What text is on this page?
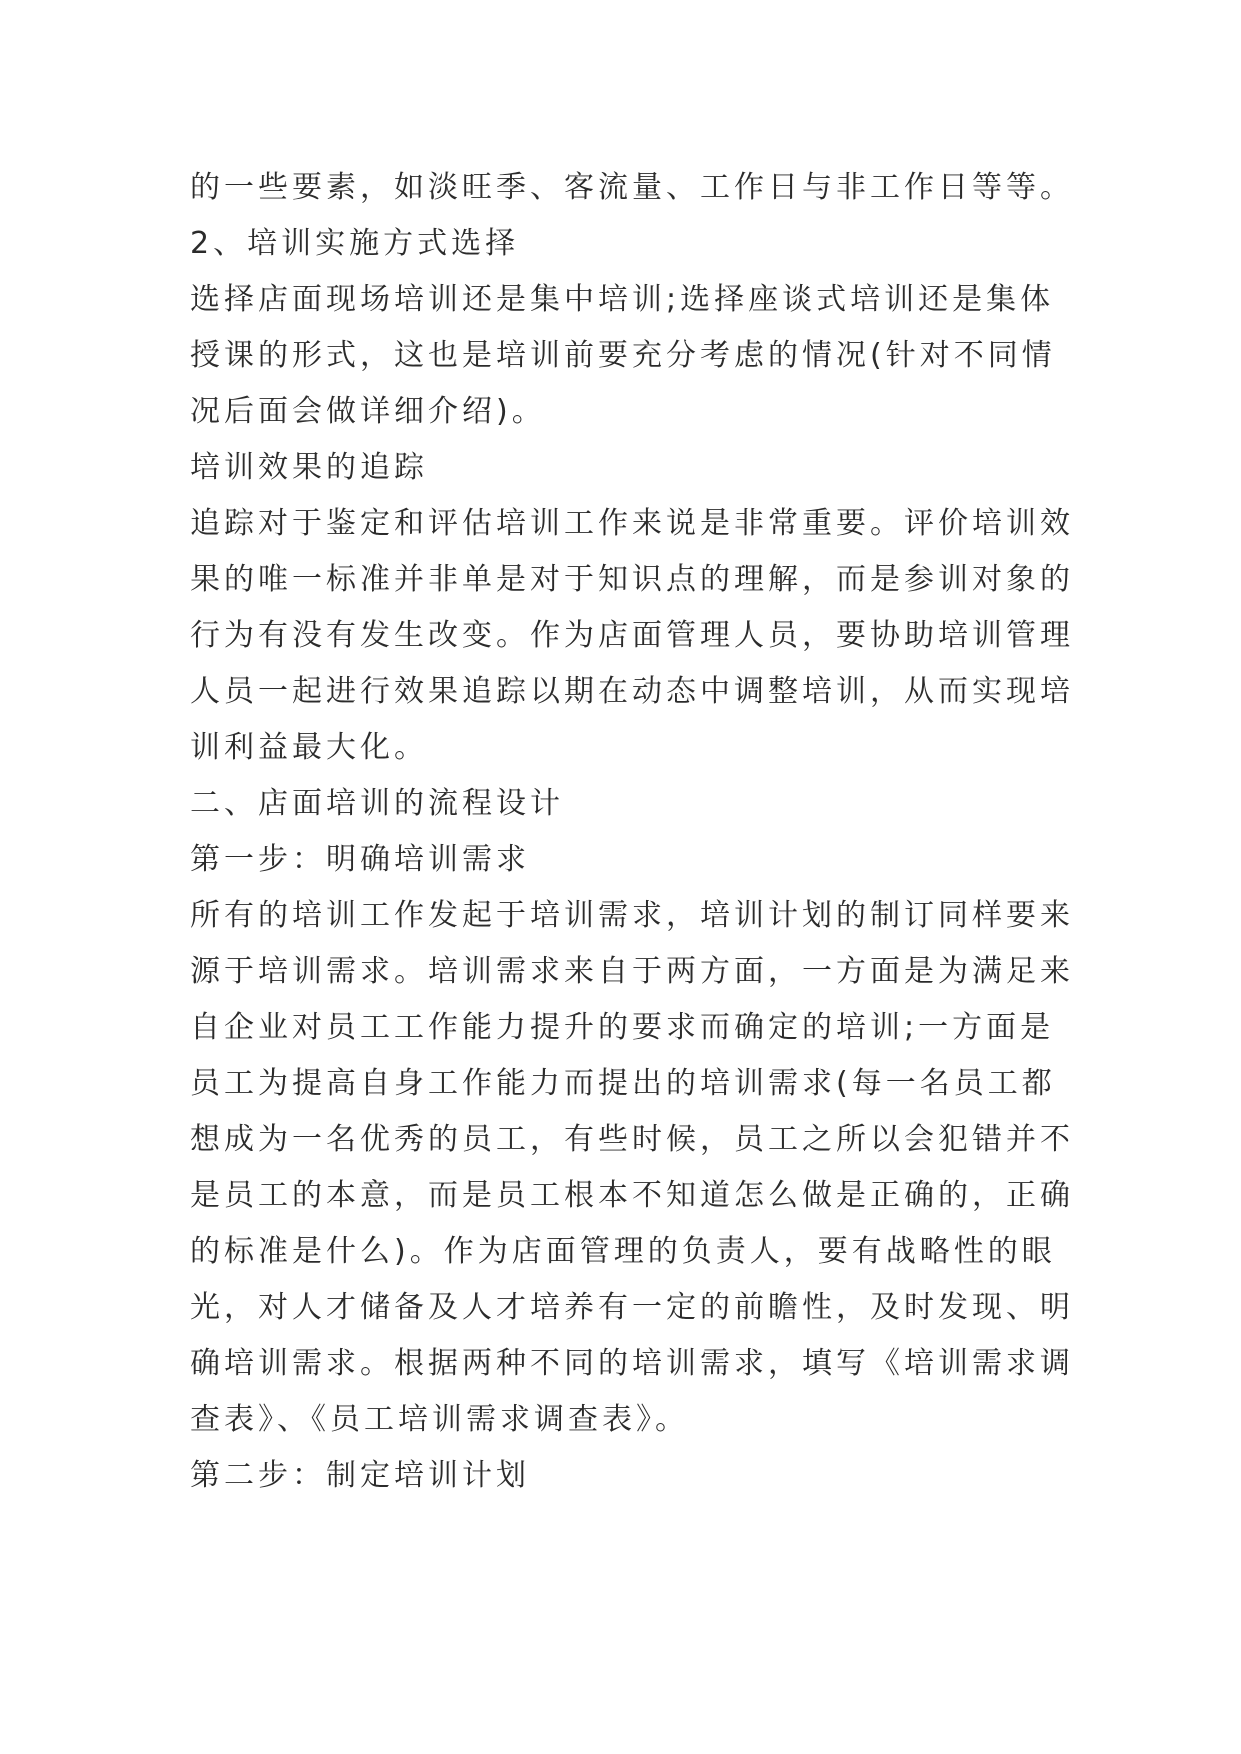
的一些要素，如淡旺季、客流量、工作日与非工作日等等。
2、培训实施方式选择
选择店面现场培训还是集中培训;选择座谈式培训还是集体
授课的形式，这也是培训前要充分考虑的情况(针对不同情
况后面会做详细介绍)。
培训效果的追踪
追踪对于鉴定和评估培训工作来说是非常重要。评价培训效
果的唯一标准并非单是对于知识点的理解，而是参训对象的
行为有没有发生改变。作为店面管理人员，要协助培训管理
人员一起进行效果追踪以期在动态中调整培训，从而实现培
训利益最大化。
二、店面培训的流程设计
第一步：明确培训需求
所有的培训工作发起于培训需求，培训计划的制订同样要来
源于培训需求。培训需求来自于两方面，一方面是为满足来
自企业对员工工作能力提升的要求而确定的培训;一方面是
员工为提高自身工作能力而提出的培训需求(每一名员工都
想成为一名优秀的员工，有些时候，员工之所以会犯错并不
是员工的本意，而是员工根本不知道怎么做是正确的，正确
的标准是什么)。作为店面管理的负责人，要有战略性的眼
光，对人才储备及人才培养有一定的前瞻性，及时发现、明
确培训需求。根据两种不同的培训需求，填写《培训需求调
查表》、《员工培训需求调查表》。
第二步：制定培训计划
